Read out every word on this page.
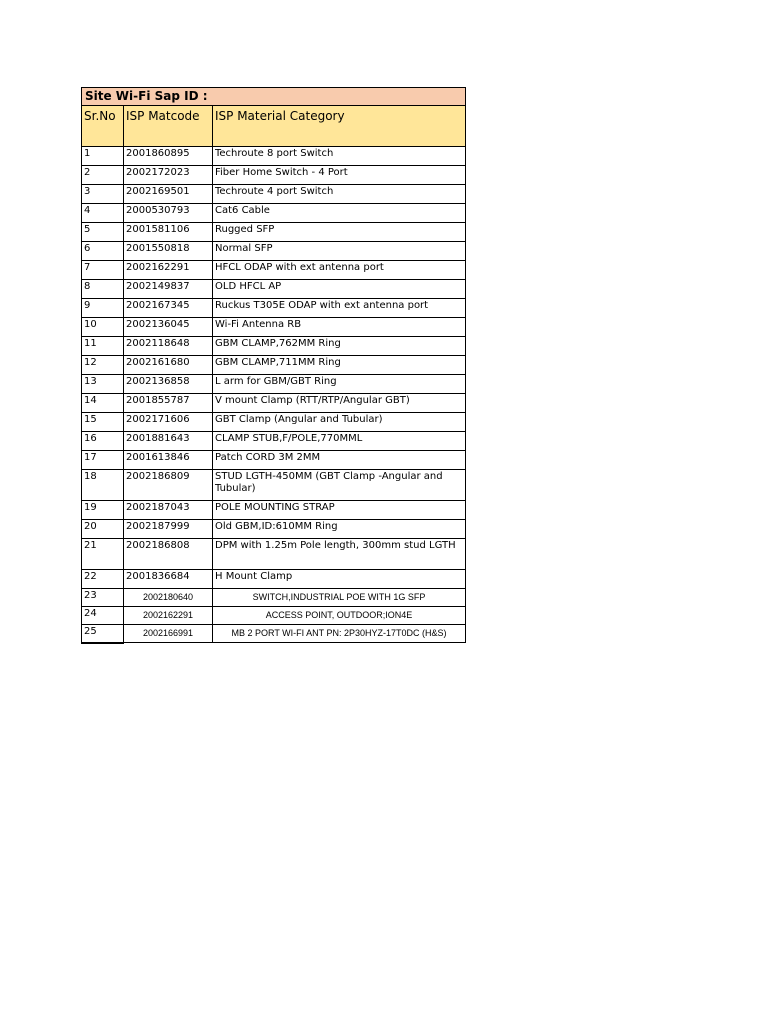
Site Wi-Fi Sap ID :		
Sr.No	ISP Matcode	ISP Material Category
1	2001860895	Techroute 8 port Switch
2	2002172023	Fiber Home Switch - 4 Port
3	2002169501	Techroute 4 port Switch
4	2000530793	Cat6 Cable
5	2001581106	Rugged SFP
6	2001550818	Normal SFP
7	2002162291	HFCL ODAP with ext antenna port
8	2002149837	OLD HFCL AP
9	2002167345	Ruckus T305E ODAP with ext antenna port
10	2002136045	Wi-Fi Antenna RB
11	2002118648	GBM CLAMP,762MM Ring
12	2002161680	GBM CLAMP,711MM Ring
13	2002136858	L arm for GBM/GBT Ring
14	2001855787	V mount Clamp (RTT/RTP/Angular GBT)
15	2002171606	GBT Clamp (Angular and Tubular)
16	2001881643	CLAMP STUB,F/POLE,770MML
17	2001613846	Patch CORD 3M 2MM
18	2002186809	STUD LGTH-450MM (GBT Clamp -Angular and Tubular)
19	2002187043	POLE MOUNTING STRAP
20	2002187999	Old GBM,ID:610MM Ring
21	2002186808	DPM with 1.25m Pole length, 300mm stud LGTH
22	2001836684	H Mount Clamp
23	2002180640	SWITCH,INDUSTRIAL POE WITH 1G SFP
24	2002162291	ACCESS POINT, OUTDOOR;ION4E
25	2002166991	MB 2 PORT WI-FI ANT PN: 2P30HYZ-17T0DC (H&S)
